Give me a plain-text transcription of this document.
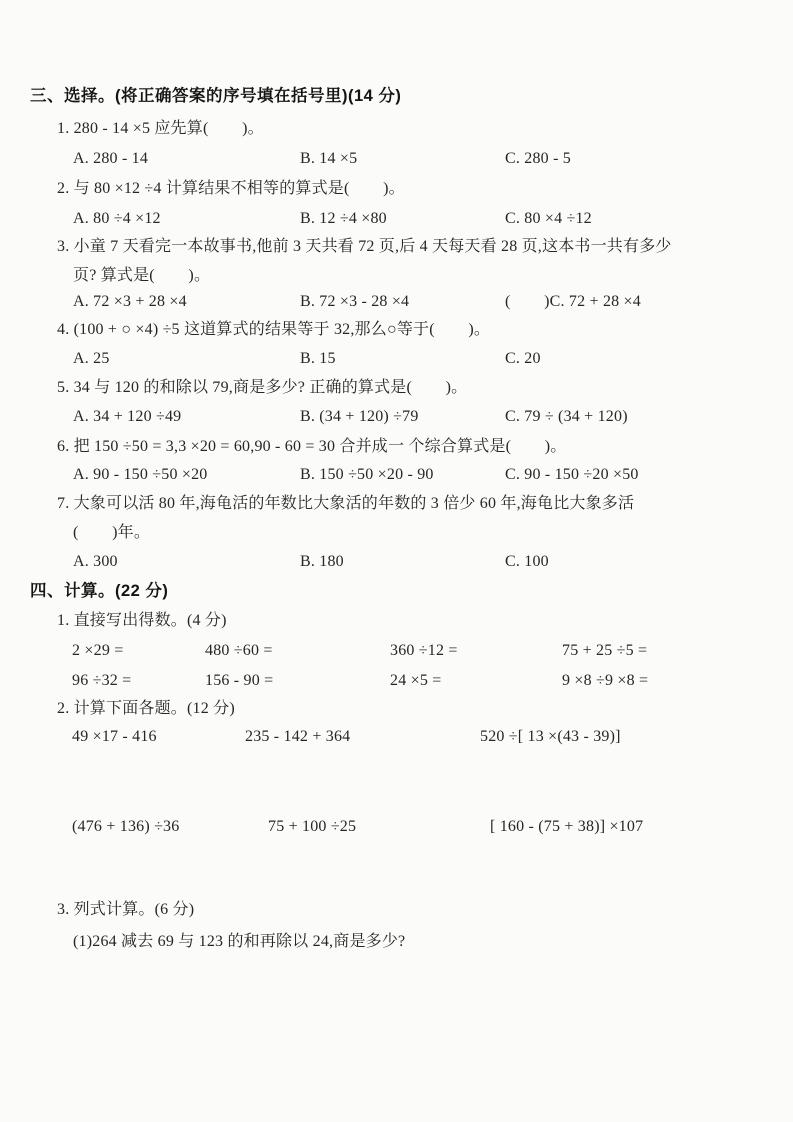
三、选择。(将正确答案的序号填在括号里)(14 分)
1. 280 - 14 ×5 应先算(        )。
A. 280 - 14	B. 14 ×5	C. 280 - 5
2. 与 80 ×12 ÷4 计算结果不相等的算式是(        )。
A. 80 ÷4 ×12	B. 12 ÷4 ×80	C. 80 ×4 ÷12
3. 小童 7 天看完一本故事书,他前 3 天共看 72 页,后 4 天每天看 28 页,这本书一共有多少
页? 算式是(        )。
A. 72 ×3 + 28 ×4	B. 72 ×3 - 28 ×4	(        )C. 72 + 28 ×4
4. (100 + ○ ×4) ÷5 这道算式的结果等于 32,那么○等于(        )。
A. 25	B. 15	C. 20
5. 34 与 120 的和除以 79,商是多少? 正确的算式是(        )。
A. 34 + 120 ÷49	B. (34 + 120) ÷79	C. 79 ÷ (34 + 120)
6. 把 150 ÷50 = 3,3 ×20 = 60,90 - 60 = 30 合并成一 个综合算式是(        )。
A. 90 - 150 ÷50 ×20	B. 150 ÷50 ×20 - 90	C. 90 - 150 ÷20 ×50
7. 大象可以活 80 年,海龟活的年数比大象活的年数的 3 倍少 60 年,海龟比大象多活
(        )年。
A. 300	B. 180	C. 100
四、计算。(22 分)
1. 直接写出得数。(4 分)
2 ×29 =	480 ÷60 =	360 ÷12 =	75 + 25 ÷5 =
96 ÷32 =	156 - 90 =	24 ×5 =	9 ×8 ÷9 ×8 =
2. 计算下面各题。(12 分)
49 ×17 - 416	235 - 142 + 364	520 ÷[ 13 ×(43 - 39)]
(476 + 136) ÷36	75 + 100 ÷25	[ 160 - (75 + 38)] ×107
3. 列式计算。(6 分)
(1)264 减去 69 与 123 的和再除以 24,商是多少?
